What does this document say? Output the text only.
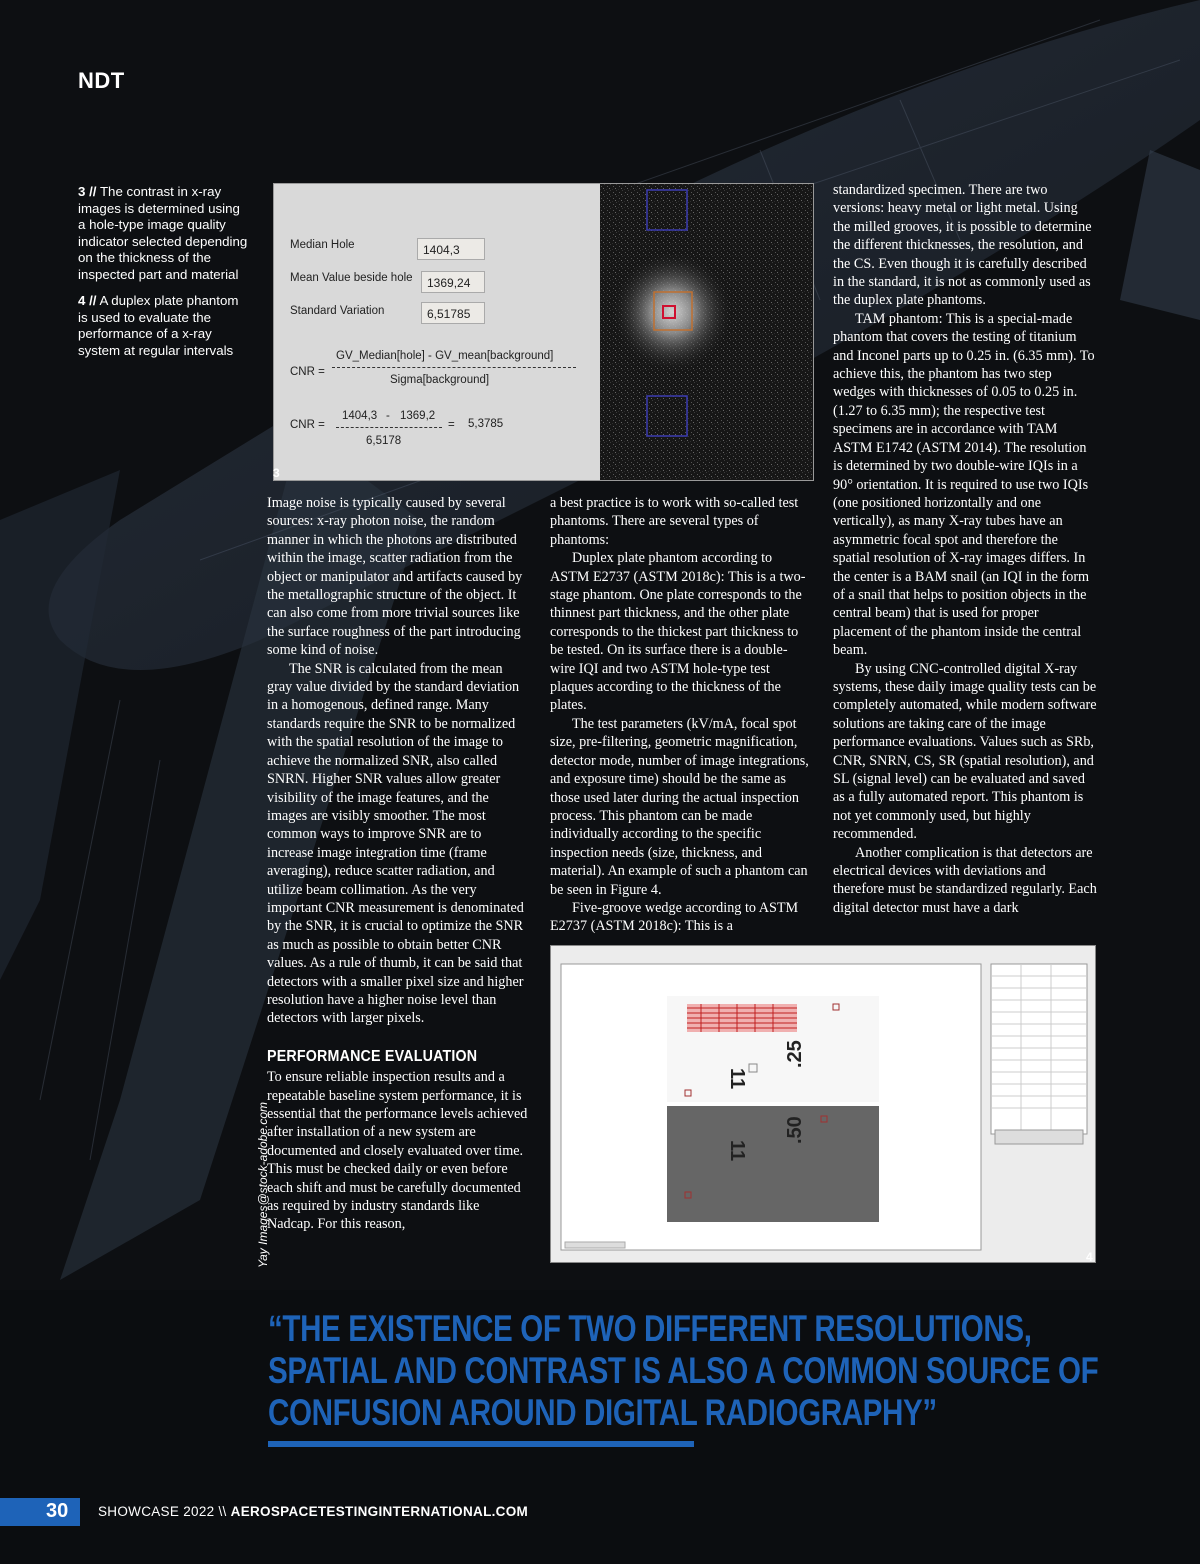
NDT

3 // The contrast in x-ray images is determined using a hole-type image quality indicator selected depending on the thickness of the inspected part and material

4 // A duplex plate phantom is used to evaluate the performance of a x-ray system at regular intervals

Median Hole	1404,3
Mean Value beside hole	1369,24
Standard Variation	6,51785
CNR =
GV_Median[hole] - GV_mean[background]
Sigma[background]
CNR =
1404,3 - 1369,2
6,5178
= 5,3785
3

Image noise is typically caused by several sources: x-ray photon noise, the random manner in which the photons are distributed within the image, scatter radiation from the object or manipulator and artifacts caused by the metallographic structure of the object. It can also come from more trivial sources like the surface roughness of the part introducing some kind of noise.

The SNR is calculated from the mean gray value divided by the standard deviation in a homogenous, defined range. Many standards require the SNR to be normalized with the spatial resolution of the image to achieve the normalized SNR, also called SNRN. Higher SNR values allow greater visibility of the image features, and the images are visibly smoother. The most common ways to improve SNR are to increase image integration time (frame averaging), reduce scatter radiation, and utilize beam collimation. As the very important CNR measurement is denominated by the SNR, it is crucial to optimize the SNR as much as possible to obtain better CNR values. As a rule of thumb, it can be said that detectors with a smaller pixel size and higher resolution have a higher noise level than detectors with larger pixels.

PERFORMANCE EVALUATION

To ensure reliable inspection results and a repeatable baseline system performance, it is essential that the performance levels achieved after installation of a new system are documented and closely evaluated over time. This must be checked daily or even before each shift and must be carefully documented as required by industry standards like Nadcap. For this reason,

a best practice is to work with so-called test phantoms. There are several types of phantoms:

Duplex plate phantom according to ASTM E2737 (ASTM 2018c): This is a two-stage phantom. One plate corresponds to the thinnest part thickness, and the other plate corresponds to the thickest part thickness to be tested. On its surface there is a double-wire IQI and two ASTM hole-type test plaques according to the thickness of the plates.

The test parameters (kV/mA, focal spot size, pre-filtering, geometric magnification, detector mode, number of image integrations, and exposure time) should be the same as those used later during the actual inspection process. This phantom can be made individually according to the specific inspection needs (size, thickness, and material). An example of such a phantom can be seen in Figure 4.

Five-groove wedge according to ASTM E2737 (ASTM 2018c): This is a

standardized specimen. There are two versions: heavy metal or light metal. Using the milled grooves, it is possible to determine the different thicknesses, the resolution, and the CS. Even though it is carefully described in the standard, it is not as commonly used as the duplex plate phantoms.

TAM phantom: This is a special-made phantom that covers the testing of titanium and Inconel parts up to 0.25 in. (6.35 mm). To achieve this, the phantom has two step wedges with thicknesses of 0.05 to 0.25 in. (1.27 to 6.35 mm); the respective test specimens are in accordance with TAM ASTM E1742 (ASTM 2014). The resolution is determined by two double-wire IQIs in a 90° orientation. It is required to use two IQIs (one positioned horizontally and one vertically), as many X-ray tubes have an asymmetric focal spot and therefore the spatial resolution of X-ray images differs. In the center is a BAM snail (an IQI in the form of a snail that helps to position objects in the central beam) that is used for proper placement of the phantom inside the central beam.

By using CNC-controlled digital X-ray systems, these daily image quality tests can be completely automated, while modern software solutions are taking care of the image performance evaluations. Values such as SRb, CNR, SNRN, CS, SR (spatial resolution), and SL (signal level) can be evaluated and saved as a fully automated report. This phantom is not yet commonly used, but highly recommended.

Another complication is that detectors are electrical devices with deviations and therefore must be standardized regularly. Each digital detector must have a dark

Yay Images@stock-adobe.com
11
.25
11
.50
4
“THE EXISTENCE OF TWO DIFFERENT RESOLUTIONS, SPATIAL AND CONTRAST IS ALSO A COMMON SOURCE OF CONFUSION AROUND DIGITAL RADIOGRAPHY”
30 SHOWCASE 2022 \\ AEROSPACETESTINGINTERNATIONAL.COM
